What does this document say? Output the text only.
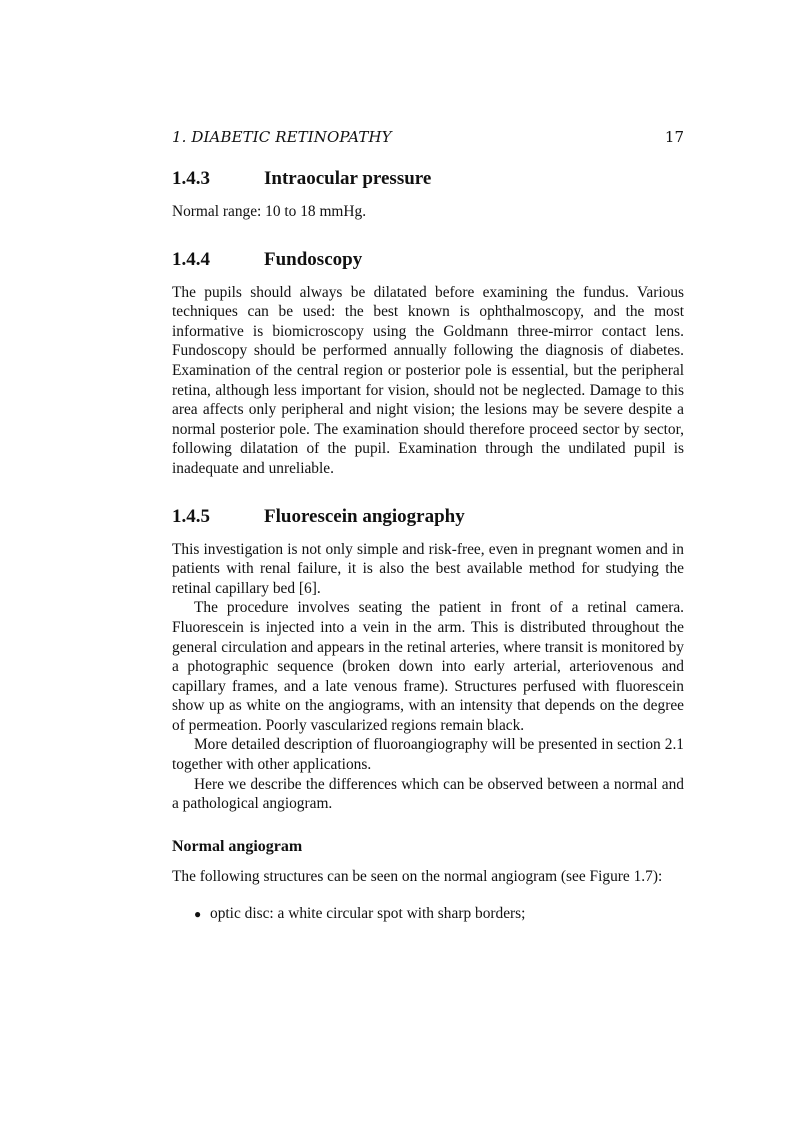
1. DIABETIC RETINOPATHY	17
1.4.3	Intraocular pressure

Normal range: 10 to 18 mmHg.

1.4.4	Fundoscopy

The pupils should always be dilatated before examining the fundus. Various techniques can be used: the best known is ophthalmoscopy, and the most informative is biomicroscopy using the Goldmann three-mirror contact lens. Fundoscopy should be performed annually following the diagnosis of diabetes. Examination of the central region or posterior pole is essential, but the peripheral retina, although less important for vision, should not be neglected. Damage to this area affects only peripheral and night vision; the lesions may be severe despite a normal posterior pole. The examination should therefore proceed sector by sector, following dilatation of the pupil. Examination through the undilated pupil is inadequate and unreliable.

1.4.5	Fluorescein angiography

This investigation is not only simple and risk-free, even in pregnant women and in patients with renal failure, it is also the best available method for studying the retinal capillary bed [6].

The procedure involves seating the patient in front of a retinal camera. Fluorescein is injected into a vein in the arm. This is distributed throughout the general circulation and appears in the retinal arteries, where transit is monitored by a photographic sequence (broken down into early arterial, arteriovenous and capillary frames, and a late venous frame). Structures perfused with fluorescein show up as white on the angiograms, with an intensity that depends on the degree of permeation. Poorly vascularized regions remain black.

More detailed description of fluoroangiography will be presented in section 2.1 together with other applications.

Here we describe the differences which can be observed between a normal and a pathological angiogram.

Normal angiogram

The following structures can be seen on the normal angiogram (see Figure 1.7):

● optic disc: a white circular spot with sharp borders;
